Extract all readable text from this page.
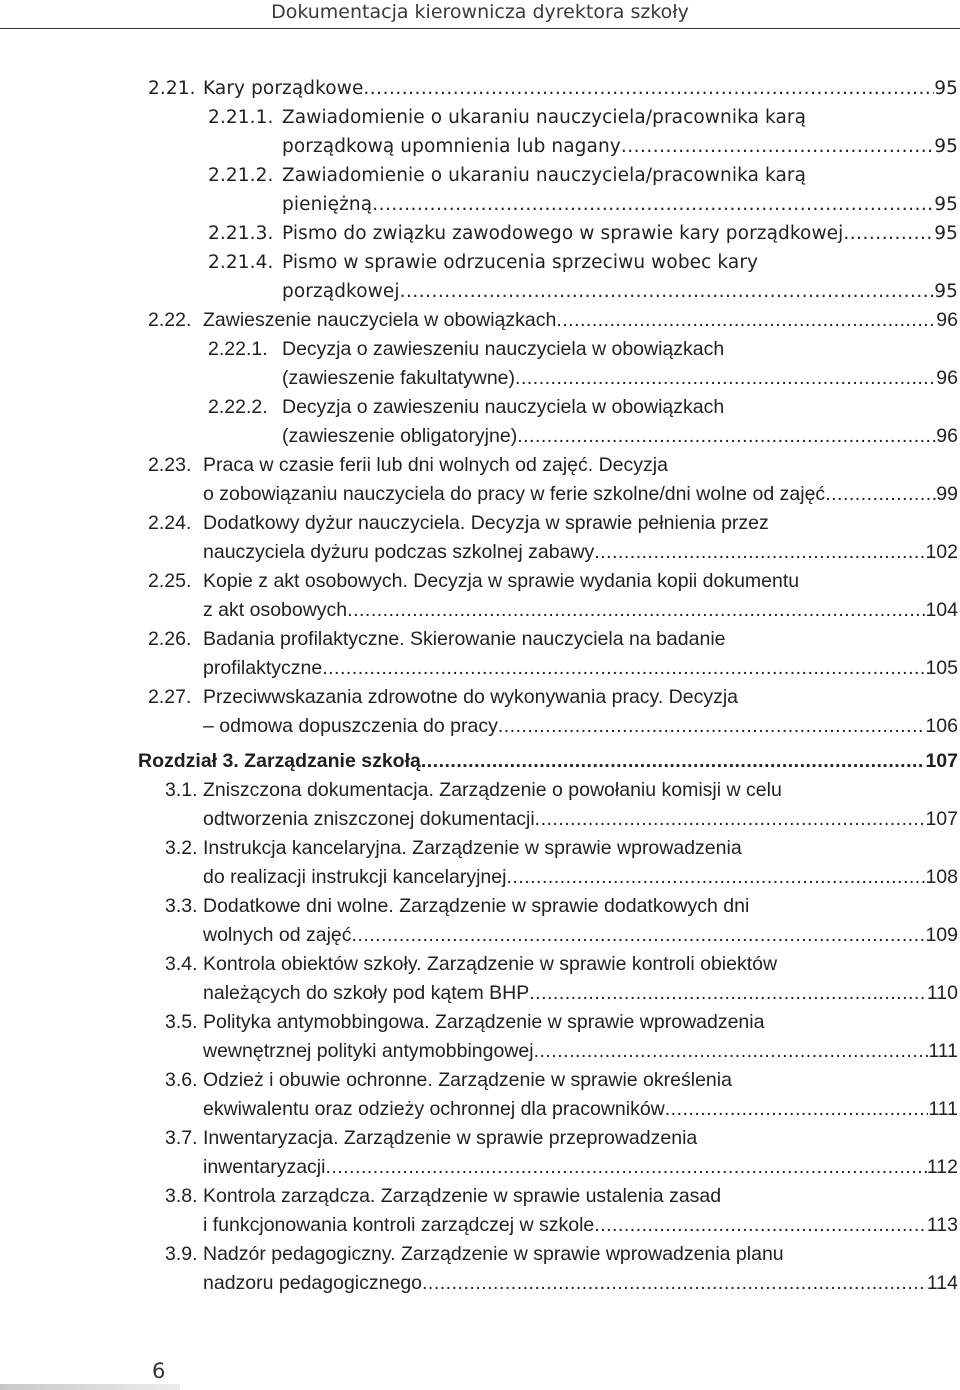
Dokumentacja kierownicza dyrektora szkoły
2.21. Kary porządkowe .....	95
2.21.1. Zawiadomienie o ukaraniu nauczyciela/pracownika karą
porządkową upomnienia lub nagany .....	95
2.21.2. Zawiadomienie o ukaraniu nauczyciela/pracownika karą
pieniężną .....	95
2.21.3. Pismo do związku zawodowego w sprawie kary porządkowej .....	95
2.21.4. Pismo w sprawie odrzucenia sprzeciwu wobec kary
porządkowej .....	95
2.22. Zawieszenie nauczyciela w obowiązkach .....	96
2.22.1. Decyzja o zawieszeniu nauczyciela w obowiązkach
(zawieszenie fakultatywne) .....	96
2.22.2. Decyzja o zawieszeniu nauczyciela w obowiązkach
(zawieszenie obligatoryjne) .....	96
2.23. Praca w czasie ferii lub dni wolnych od zajęć. Decyzja
o zobowiązaniu nauczyciela do pracy w ferie szkolne/dni wolne od zajęć .....	99
2.24. Dodatkowy dyżur nauczyciela. Decyzja w sprawie pełnienia przez
nauczyciela dyżuru podczas szkolnej zabawy .....	102
2.25. Kopie z akt osobowych. Decyzja w sprawie wydania kopii dokumentu
z akt osobowych .....	104
2.26. Badania profilaktyczne. Skierowanie nauczyciela na badanie
profilaktyczne .....	105
2.27. Przeciwwskazania zdrowotne do wykonywania pracy. Decyzja
– odmowa dopuszczenia do pracy .....	106
Rozdział 3. Zarządzanie szkołą .....	107
3.1. Zniszczona dokumentacja. Zarządzenie o powołaniu komisji w celu
odtworzenia zniszczonej dokumentacji .....	107
3.2. Instrukcja kancelaryjna. Zarządzenie w sprawie wprowadzenia
do realizacji instrukcji kancelaryjnej .....	108
3.3. Dodatkowe dni wolne. Zarządzenie w sprawie dodatkowych dni
wolnych od zajęć .....	109
3.4. Kontrola obiektów szkoły. Zarządzenie w sprawie kontroli obiektów
należących do szkoły pod kątem BHP .....	110
3.5. Polityka antymobbingowa. Zarządzenie w sprawie wprowadzenia
wewnętrznej polityki antymobbingowej .....	111
3.6. Odzież i obuwie ochronne. Zarządzenie w sprawie określenia
ekwiwalentu oraz odzieży ochronnej dla pracowników .....	111
3.7. Inwentaryzacja. Zarządzenie w sprawie przeprowadzenia
inwentaryzacji .....	112
3.8. Kontrola zarządcza. Zarządzenie w sprawie ustalenia zasad
i funkcjonowania kontroli zarządczej w szkole .....	113
3.9. Nadzór pedagogiczny. Zarządzenie w sprawie wprowadzenia planu
nadzoru pedagogicznego .....	114
6
